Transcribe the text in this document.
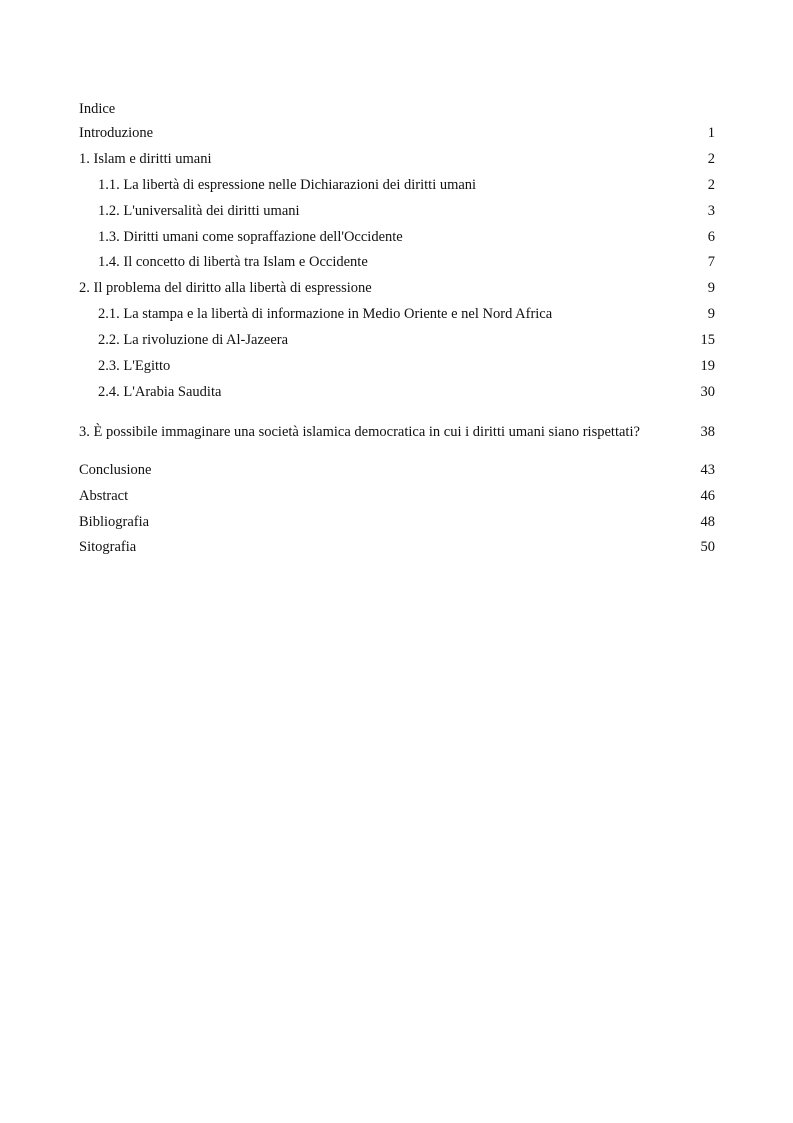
Indice
Introduzione	1
1. Islam e diritti umani	2
1.1. La libertà di espressione nelle Dichiarazioni dei diritti umani	2
1.2. L'universalità dei diritti umani	3
1.3. Diritti umani come sopraffazione dell'Occidente	6
1.4. Il concetto di libertà tra Islam e Occidente	7
2. Il problema del diritto alla libertà di espressione	9
2.1. La stampa e la libertà di informazione in Medio Oriente e nel Nord Africa	9
2.2. La rivoluzione di Al-Jazeera	15
2.3. L'Egitto	19
2.4. L'Arabia Saudita	30
3. È possibile immaginare una società islamica democratica in cui i diritti umani siano rispettati?	38
Conclusione	43
Abstract	46
Bibliografia	48
Sitografia	50
